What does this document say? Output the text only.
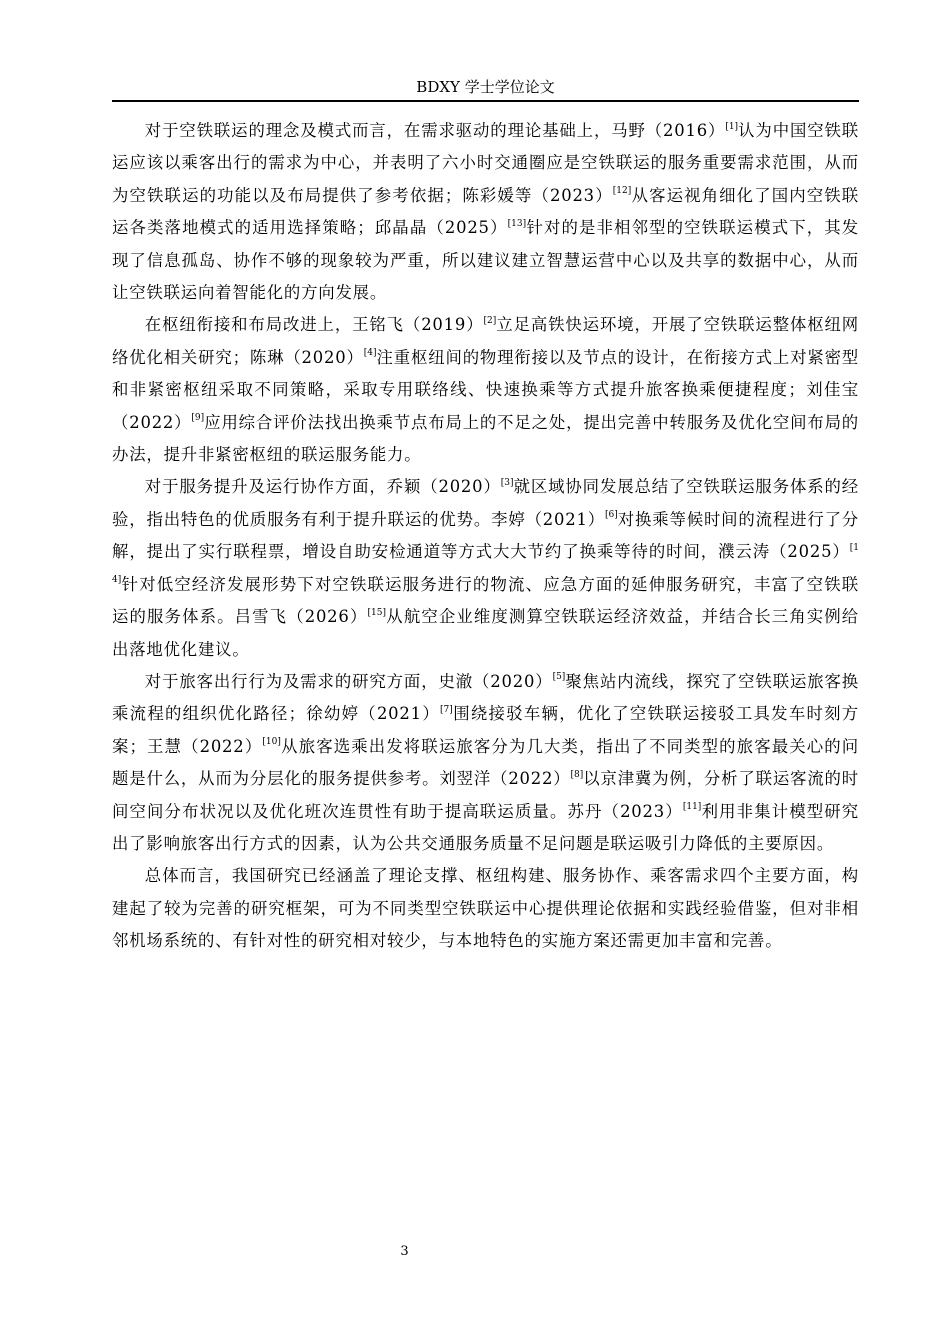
BDXY 学士学位论文

对于空铁联运的理念及模式而言，在需求驱动的理论基础上，马野（2016）[1]认为中国空铁联运应该以乘客出行的需求为中心，并表明了六小时交通圈应是空铁联运的服务重要需求范围，从而为空铁联运的功能以及布局提供了参考依据；陈彩媛等（2023）[12]从客运视角细化了国内空铁联运各类落地模式的适用选择策略；邱晶晶（2025）[13]针对的是非相邻型的空铁联运模式下，其发现了信息孤岛、协作不够的现象较为严重，所以建议建立智慧运营中心以及共享的数据中心，从而让空铁联运向着智能化的方向发展。

在枢纽衔接和布局改进上，王铭飞（2019）[2]立足高铁快运环境，开展了空铁联运整体枢纽网络优化相关研究；陈琳（2020）[4]注重枢纽间的物理衔接以及节点的设计，在衔接方式上对紧密型和非紧密枢纽采取不同策略，采取专用联络线、快速换乘等方式提升旅客换乘便捷程度；刘佳宝（2022）[9]应用综合评价法找出换乘节点布局上的不足之处，提出完善中转服务及优化空间布局的办法，提升非紧密枢纽的联运服务能力。

对于服务提升及运行协作方面，乔颖（2020）[3]就区域协同发展总结了空铁联运服务体系的经验，指出特色的优质服务有利于提升联运的优势。李婷（2021）[6]对换乘等候时间的流程进行了分解，提出了实行联程票，增设自助安检通道等方式大大节约了换乘等待的时间，濮云涛（2025）[14]针对低空经济发展形势下对空铁联运服务进行的物流、应急方面的延伸服务研究，丰富了空铁联运的服务体系。吕雪飞（2026）[15]从航空企业维度测算空铁联运经济效益，并结合长三角实例给出落地优化建议。

对于旅客出行行为及需求的研究方面，史澈（2020）[5]聚焦站内流线，探究了空铁联运旅客换乘流程的组织优化路径；徐幼婷（2021）[7]围绕接驳车辆，优化了空铁联运接驳工具发车时刻方案；王慧（2022）[10]从旅客选乘出发将联运旅客分为几大类，指出了不同类型的旅客最关心的问题是什么，从而为分层化的服务提供参考。刘翌洋（2022）[8]以京津冀为例，分析了联运客流的时间空间分布状况以及优化班次连贯性有助于提高联运质量。苏丹（2023）[11]利用非集计模型研究出了影响旅客出行方式的因素，认为公共交通服务质量不足问题是联运吸引力降低的主要原因。

总体而言，我国研究已经涵盖了理论支撑、枢纽构建、服务协作、乘客需求四个主要方面，构建起了较为完善的研究框架，可为不同类型空铁联运中心提供理论依据和实践经验借鉴，但对非相邻机场系统的、有针对性的研究相对较少，与本地特色的实施方案还需更加丰富和完善。

3
